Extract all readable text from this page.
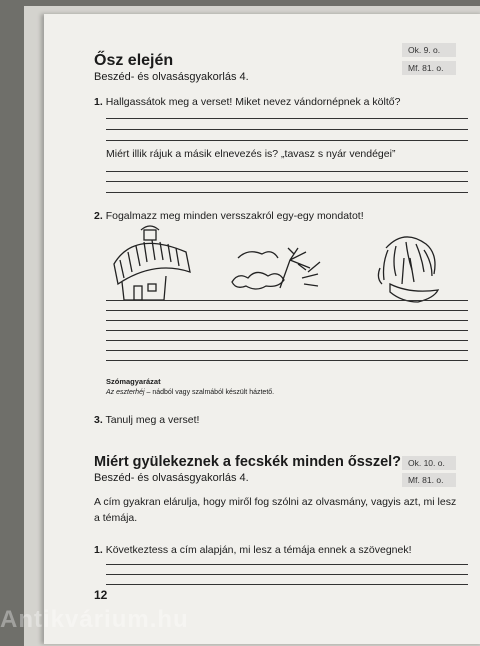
Ősz elején
Beszéd- és olvasásgyakorlás 4.
Ok. 9. o.
Mf. 81. o.
1. Hallgassátok meg a verset! Miket nevez vándornépnek a költő?
Miért illik rájuk a másik elnevezés is? „tavasz s nyár vendégei”
2. Fogalmazz meg minden versszakról egy-egy mondatot!
Szómagyarázat
Az eszterhéj – nádból vagy szalmából készült háztető.
3. Tanulj meg a verset!
Miért gyülekeznek a fecskék minden ősszel?
Beszéd- és olvasásgyakorlás 4.
Ok. 10. o.
Mf. 81. o.
A cím gyakran elárulja, hogy miről fog szólni az olvasmány, vagyis azt, mi lesz
a témája.
1. Következtess a cím alapján, mi lesz a témája ennek a szövegnek!
12
Antikvárium.hu
